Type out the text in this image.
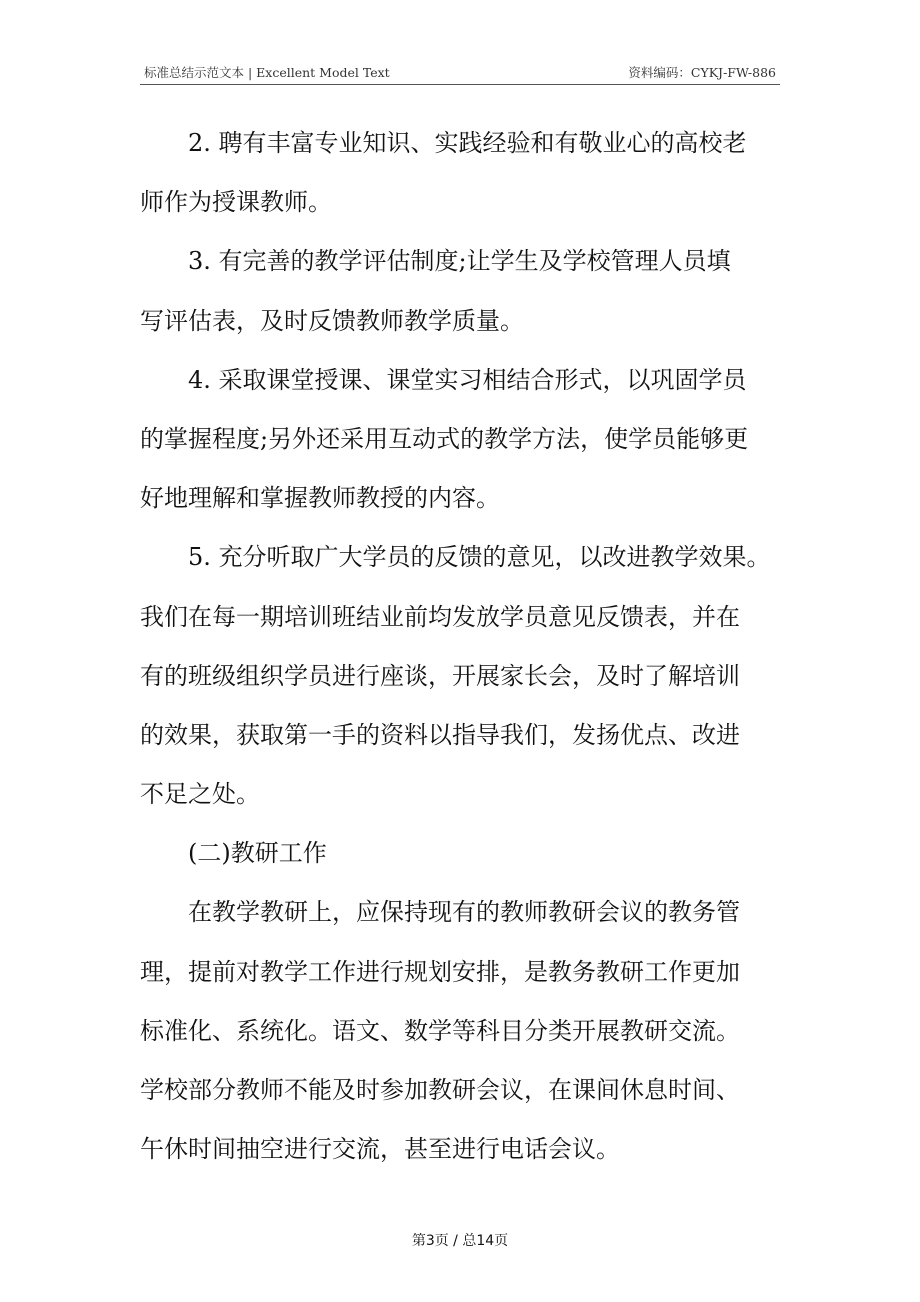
标准总结示范文本 | Excellent Model Text	资料编码：CYKJ-FW-886
2. 聘有丰富专业知识、实践经验和有敬业心的高校老
师作为授课教师。
3. 有完善的教学评估制度;让学生及学校管理人员填
写评估表，及时反馈教师教学质量。
4. 采取课堂授课、课堂实习相结合形式，以巩固学员
的掌握程度;另外还采用互动式的教学方法，使学员能够更
好地理解和掌握教师教授的内容。
5. 充分听取广大学员的反馈的意见，以改进教学效果。
我们在每一期培训班结业前均发放学员意见反馈表，并在
有的班级组织学员进行座谈，开展家长会，及时了解培训
的效果，获取第一手的资料以指导我们，发扬优点、改进
不足之处。
(二)教研工作
在教学教研上，应保持现有的教师教研会议的教务管
理，提前对教学工作进行规划安排，是教务教研工作更加
标准化、系统化。语文、数学等科目分类开展教研交流。
学校部分教师不能及时参加教研会议，在课间休息时间、
午休时间抽空进行交流，甚至进行电话会议。
第3页 / 总14页
